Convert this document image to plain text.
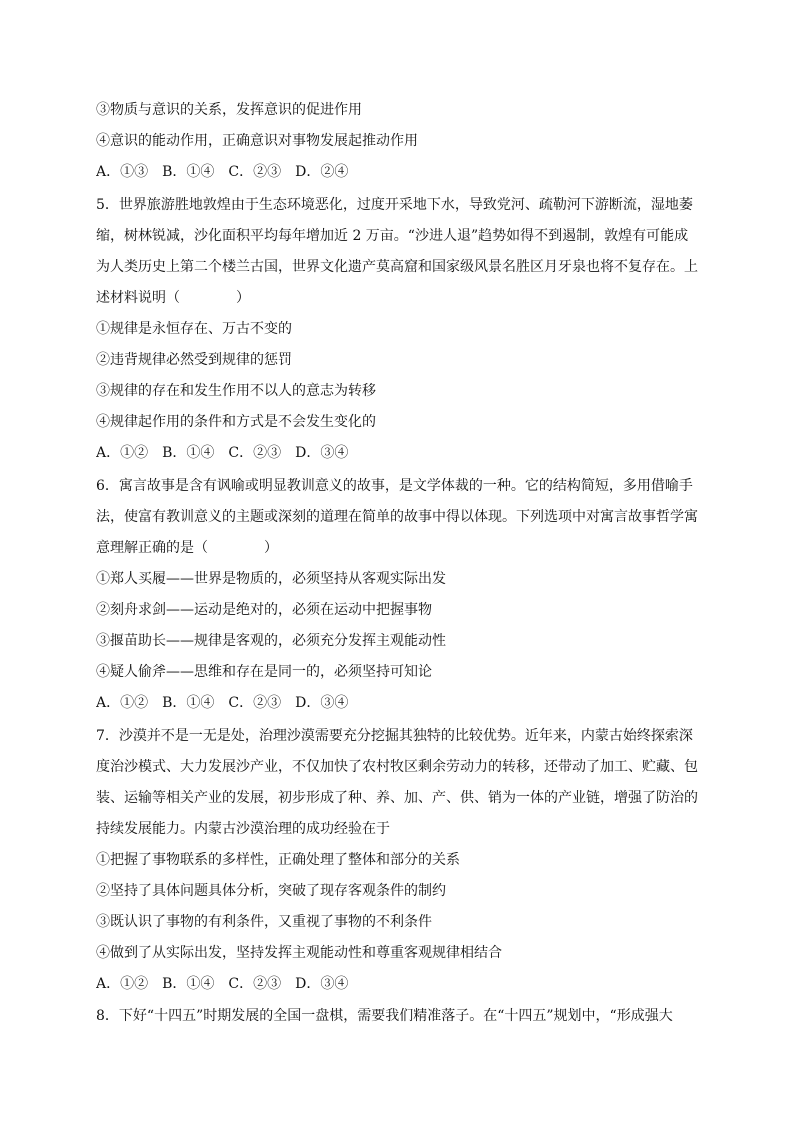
③物质与意识的关系，发挥意识的促进作用
④意识的能动作用，正确意识对事物发展起推动作用
A．①③　B．①④　C．②③　D．②④
5．世界旅游胜地敦煌由于生态环境恶化，过度开采地下水，导致党河、疏勒河下游断流，湿地萎
缩，树林锐减，沙化面积平均每年增加近 2 万亩。“沙进人退”趋势如得不到遏制，敦煌有可能成
为人类历史上第二个楼兰古国，世界文化遗产莫高窟和国家级风景名胜区月牙泉也将不复存在。上
述材料说明（　　　　）
①规律是永恒存在、万古不变的
②违背规律必然受到规律的惩罚
③规律的存在和发生作用不以人的意志为转移
④规律起作用的条件和方式是不会发生变化的
A．①②　B．①④　C．②③　D．③④
6．寓言故事是含有讽喻或明显教训意义的故事，是文学体裁的一种。它的结构简短，多用借喻手
法，使富有教训意义的主题或深刻的道理在简单的故事中得以体现。下列选项中对寓言故事哲学寓
意理解正确的是（　　　　）
①郑人买履——世界是物质的，必须坚持从客观实际出发
②刻舟求剑——运动是绝对的，必须在运动中把握事物
③揠苗助长——规律是客观的，必须充分发挥主观能动性
④疑人偷斧——思维和存在是同一的，必须坚持可知论
A．①②　B．①④　C．②③　D．③④
7．沙漠并不是一无是处，治理沙漠需要充分挖掘其独特的比较优势。近年来，内蒙古始终探索深
度治沙模式、大力发展沙产业，不仅加快了农村牧区剩余劳动力的转移，还带动了加工、贮藏、包
装、运输等相关产业的发展，初步形成了种、养、加、产、供、销为一体的产业链，增强了防治的
持续发展能力。内蒙古沙漠治理的成功经验在于
①把握了事物联系的多样性，正确处理了整体和部分的关系
②坚持了具体问题具体分析，突破了现存客观条件的制约
③既认识了事物的有利条件，又重视了事物的不利条件
④做到了从实际出发，坚持发挥主观能动性和尊重客观规律相结合
A．①②　B．①④　C．②③　D．③④
8．下好“十四五”时期发展的全国一盘棋，需要我们精准落子。在“十四五”规划中，“形成强大
